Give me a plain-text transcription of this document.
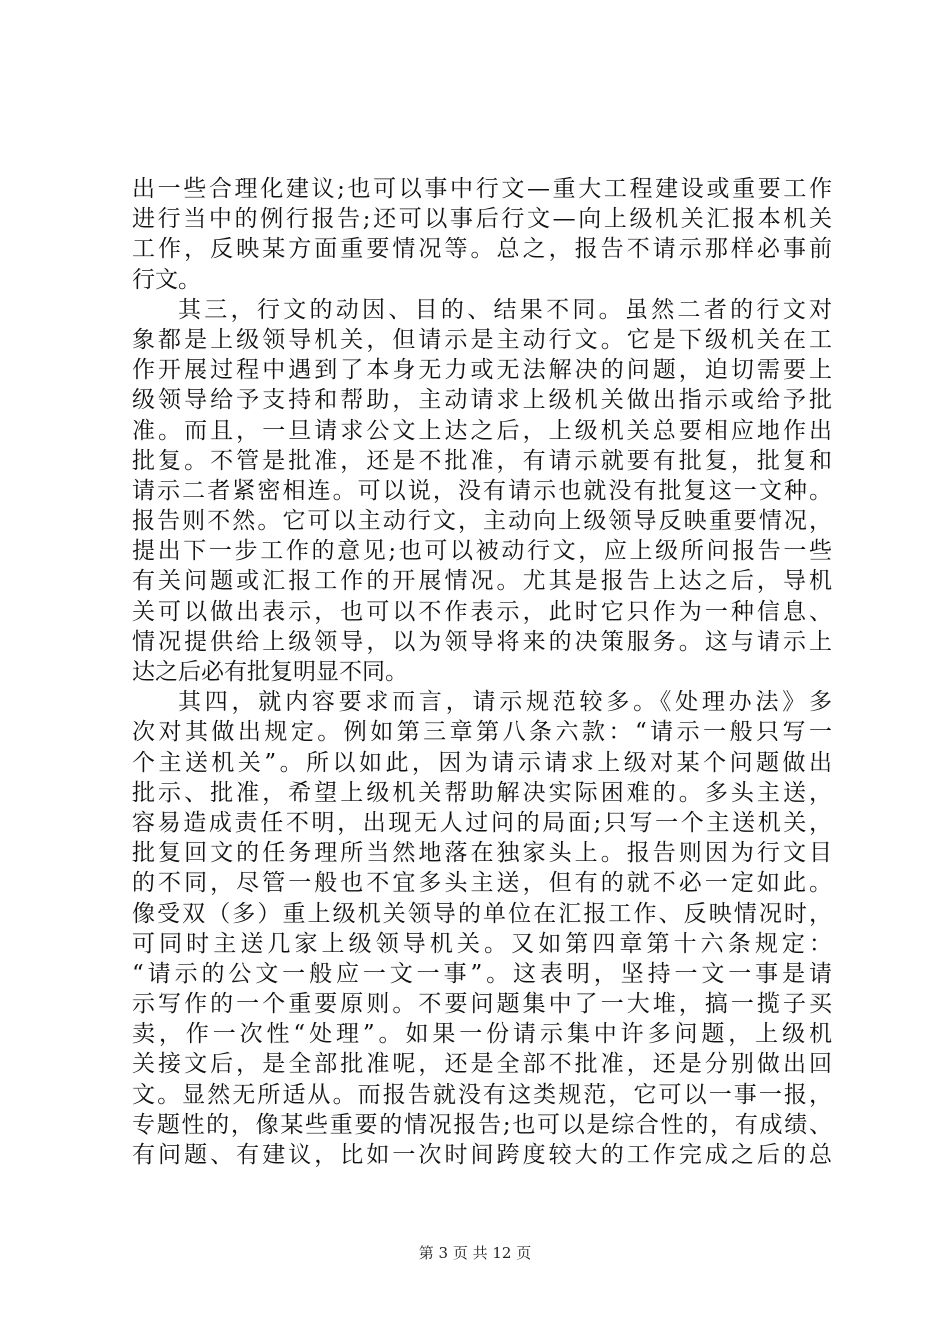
出一些合理化建议;也可以事中行文—重大工程建设或重要工作
进行当中的例行报告;还可以事后行文—向上级机关汇报本机关
工作，反映某方面重要情况等。总之，报告不请示那样必事前
行文。
其三，行文的动因、目的、结果不同。虽然二者的行文对
象都是上级领导机关，但请示是主动行文。它是下级机关在工
作开展过程中遇到了本身无力或无法解决的问题，迫切需要上
级领导给予支持和帮助，主动请求上级机关做出指示或给予批
准。而且，一旦请求公文上达之后，上级机关总要相应地作出
批复。不管是批准，还是不批准，有请示就要有批复，批复和
请示二者紧密相连。可以说，没有请示也就没有批复这一文种。
报告则不然。它可以主动行文，主动向上级领导反映重要情况，
提出下一步工作的意见;也可以被动行文，应上级所问报告一些
有关问题或汇报工作的开展情况。尤其是报告上达之后，导机
关可以做出表示，也可以不作表示，此时它只作为一种信息、
情况提供给上级领导，以为领导将来的决策服务。这与请示上
达之后必有批复明显不同。
其四，就内容要求而言，请示规范较多。《处理办法》多
次对其做出规定。例如第三章第八条六款：“请示一般只写一
个主送机关”。所以如此，因为请示请求上级对某个问题做出
批示、批准，希望上级机关帮助解决实际困难的。多头主送，
容易造成责任不明，出现无人过问的局面;只写一个主送机关，
批复回文的任务理所当然地落在独家头上。报告则因为行文目
的不同，尽管一般也不宜多头主送，但有的就不必一定如此。
像受双（多）重上级机关领导的单位在汇报工作、反映情况时，
可同时主送几家上级领导机关。又如第四章第十六条规定：
“请示的公文一般应一文一事”。这表明，坚持一文一事是请
示写作的一个重要原则。不要问题集中了一大堆，搞一揽子买
卖，作一次性“处理”。如果一份请示集中许多问题，上级机
关接文后，是全部批准呢，还是全部不批准，还是分别做出回
文。显然无所适从。而报告就没有这类规范，它可以一事一报，
专题性的，像某些重要的情况报告;也可以是综合性的，有成绩、
有问题、有建议，比如一次时间跨度较大的工作完成之后的总
第 3 页 共 12 页
